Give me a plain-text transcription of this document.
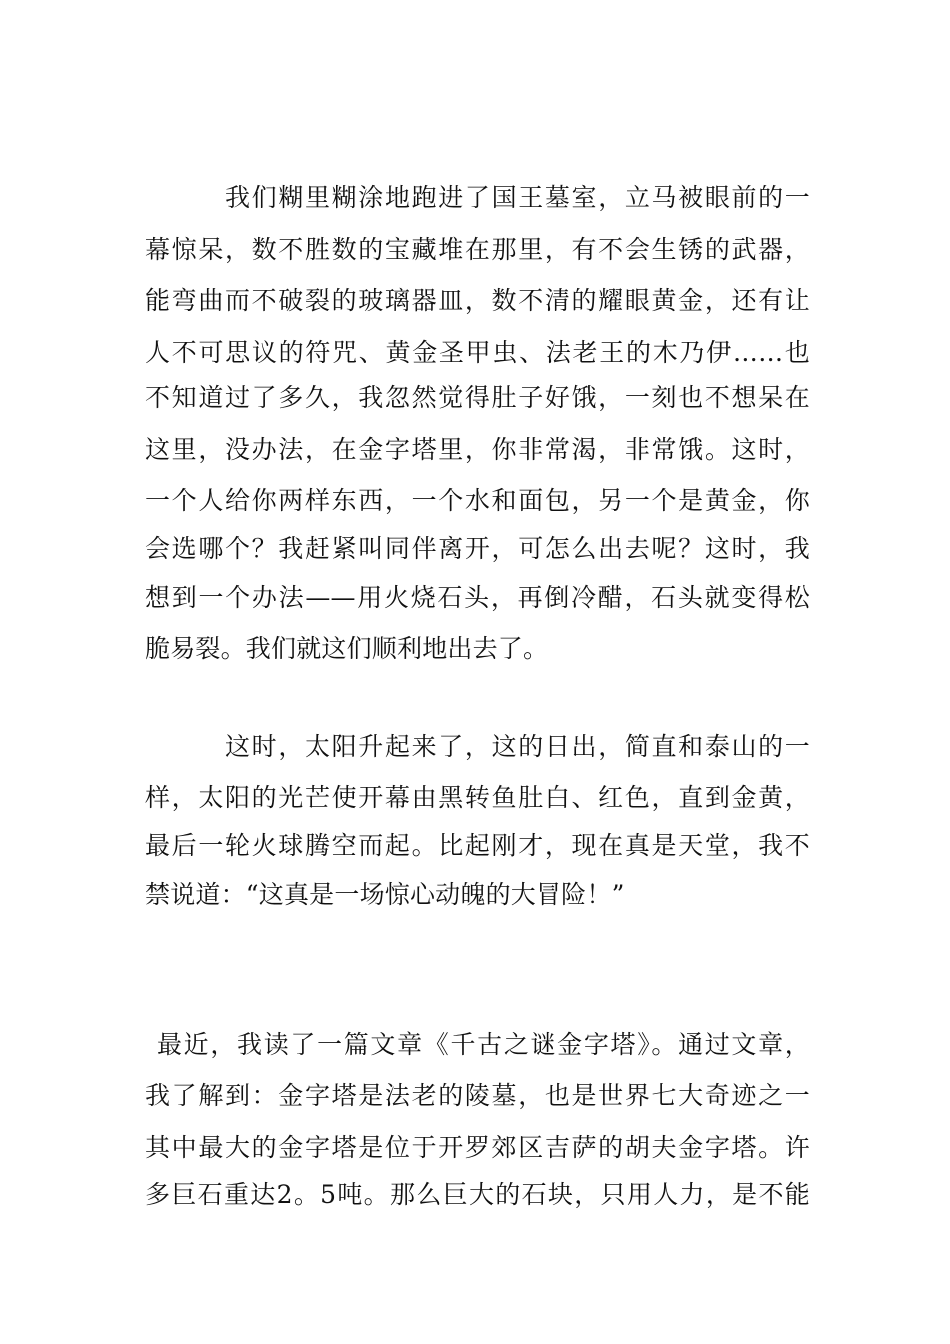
我们糊里糊涂地跑进了国王墓室，立马被眼前的一
幕惊呆，数不胜数的宝藏堆在那里，有不会生锈的武器，
能弯曲而不破裂的玻璃器皿，数不清的耀眼黄金，还有让
人不可思议的符咒、黄金圣甲虫、法老王的木乃伊……也
不知道过了多久，我忽然觉得肚子好饿，一刻也不想呆在
这里，没办法，在金字塔里，你非常渴，非常饿。这时，
一个人给你两样东西，一个水和面包，另一个是黄金，你
会选哪个？我赶紧叫同伴离开，可怎么出去呢？这时，我
想到一个办法——用火烧石头，再倒冷醋，石头就变得松
脆易裂。我们就这们顺利地出去了。
这时，太阳升起来了，这的日出，简直和泰山的一
样，太阳的光芒使开幕由黑转鱼肚白、红色，直到金黄，
最后一轮火球腾空而起。比起刚才，现在真是天堂，我不
禁说道：“这真是一场惊心动魄的大冒险！”
最近，我读了一篇文章《千古之谜金字塔》。通过文章，
我了解到：金字塔是法老的陵墓，也是世界七大奇迹之一
其中最大的金字塔是位于开罗郊区吉萨的胡夫金字塔。许
多巨石重达2。5吨。那么巨大的石块，只用人力，是不能
